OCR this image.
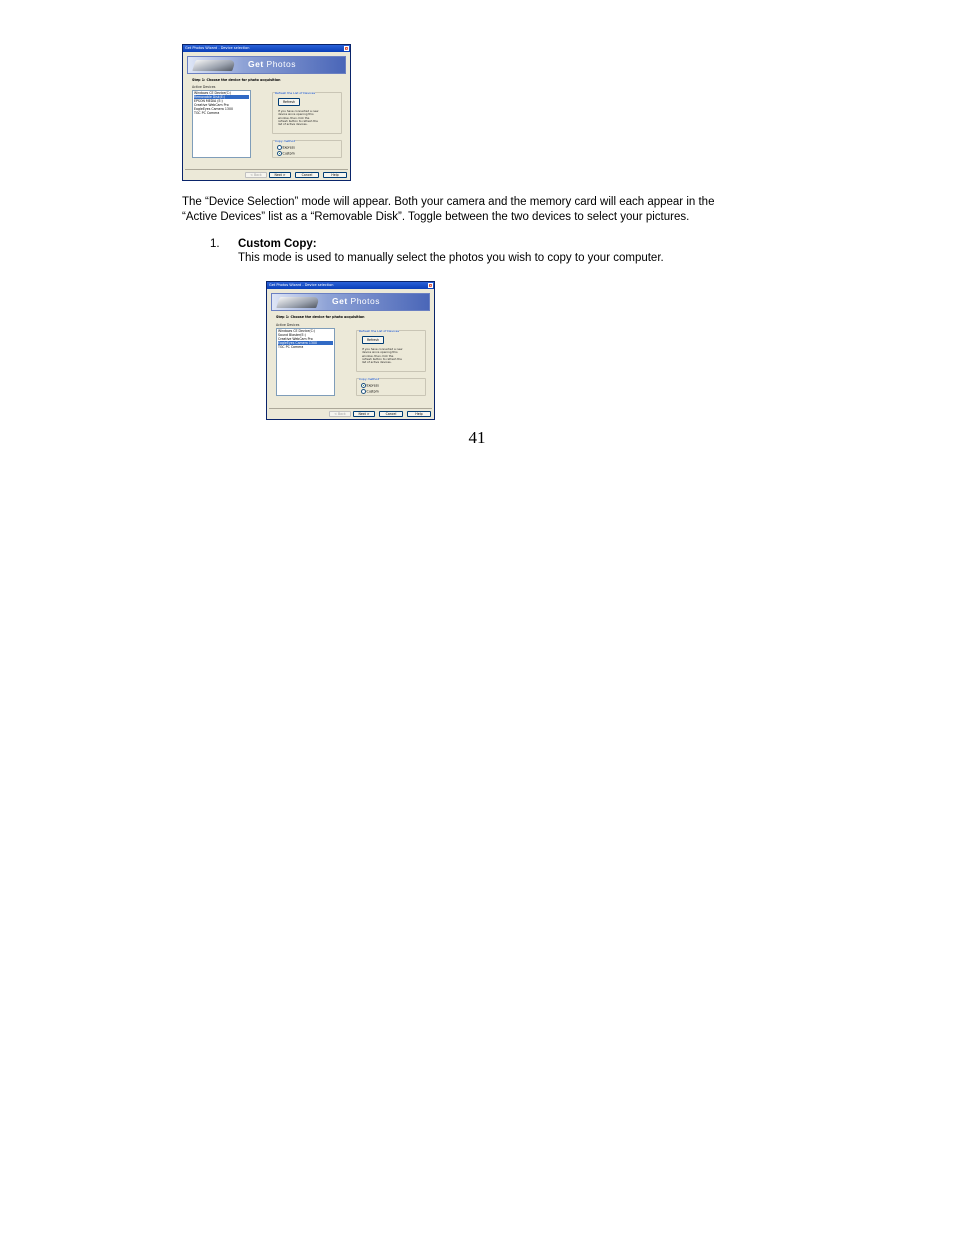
Get Photos Wizard - Device selection	×
Get Photos
Step 1: Choose the device for photo acquisition
Active Devices
Windows CE Device(C:)
Removable Disk(E:)
EPSON MEDIA (E:)
Creative WebCam Pro
EagleEyes Camera 1300
TGC PC Camera
Refresh the List of Devices
Refresh
If you have connected a new device since opening this window, then click the refresh button to refresh the list of active devices.
Copy method
Express
Custom
< Back	Next >	Cancel	Help
The “Device Selection” mode will appear. Both your camera and the memory card will each appear in the “Active Devices” list as a “Removable Disk”. Toggle between the two devices to select your pictures.
1. Custom Copy:
This mode is used to manually select the photos you wish to copy to your computer.
Get Photos Wizard - Device selection	×
Get Photos
Step 1: Choose the device for photo acquisition
Active Devices
Windows CE Device(C:)
Sound Blaster(E:)
Creative WebCam Pro
EagleEyes Camera 1300
TGC PC Camera
Refresh the List of Devices
Refresh
If you have connected a new device since opening this window, then click the refresh button to refresh the list of active devices.
Copy method
Express
Custom
< Back	Next >	Cancel	Help
41
